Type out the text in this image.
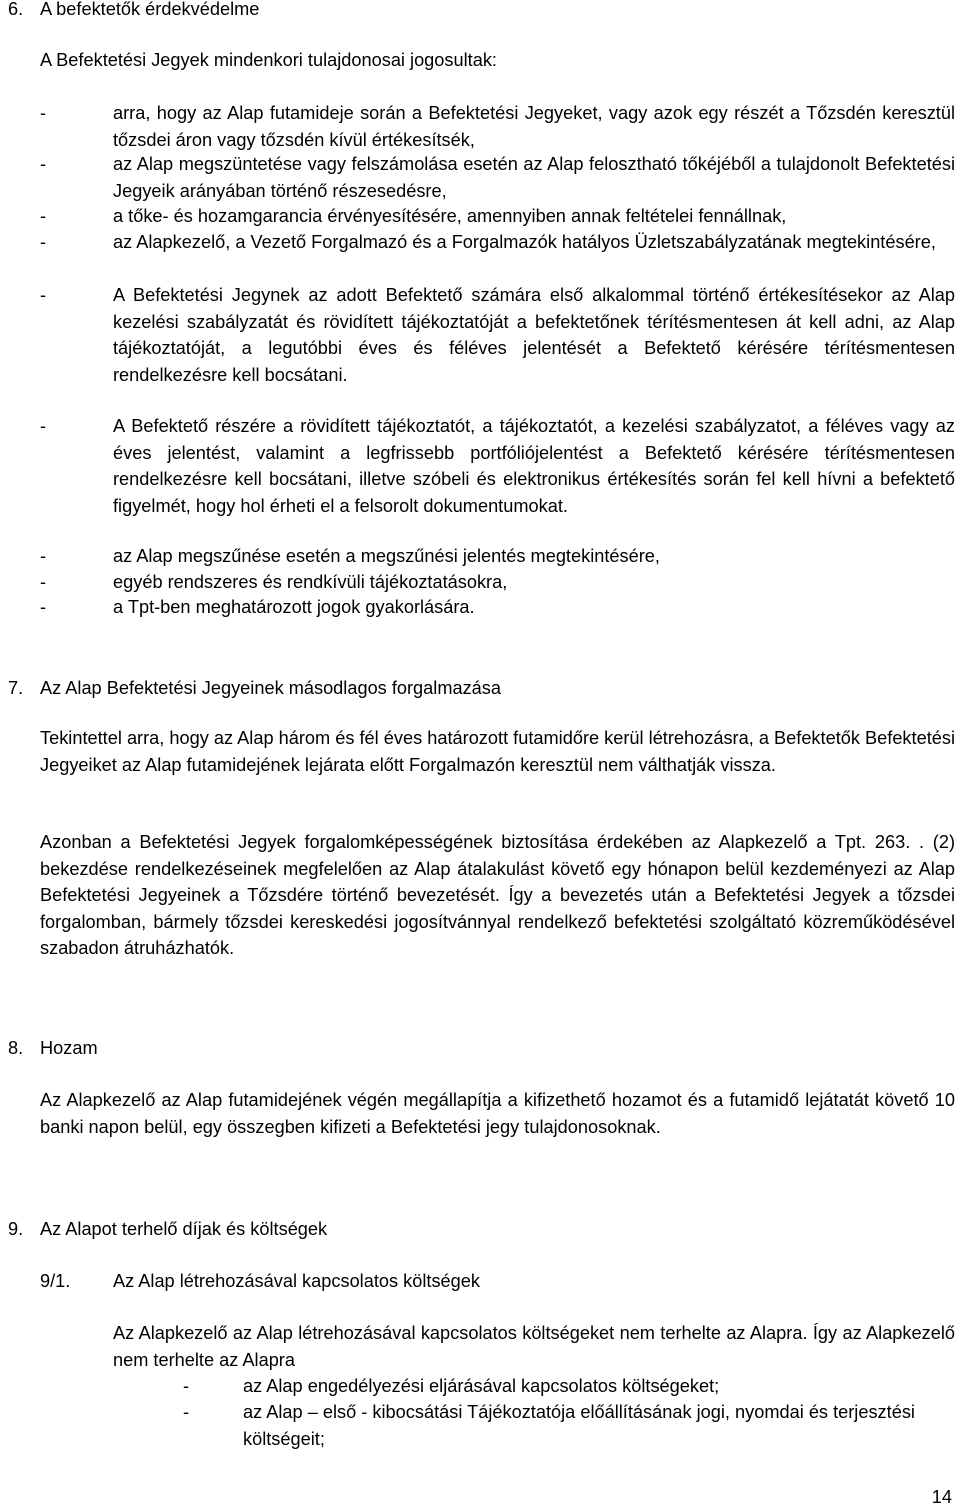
6. A befektetők érdekvédelme
A Befektetési Jegyek mindenkori tulajdonosai jogosultak:
-	arra, hogy az Alap futamideje során a Befektetési Jegyeket, vagy azok egy részét a Tőzsdén keresztül tőzsdei áron vagy tőzsdén kívül értékesítsék,
-	az Alap megszüntetése vagy felszámolása esetén az Alap felosztható tőkéjéből a tulajdonolt Befektetési Jegyeik arányában történő részesedésre,
-	a tőke- és hozamgarancia érvényesítésére, amennyiben annak feltételei fennállnak,
-	az Alapkezelő, a Vezető Forgalmazó és a Forgalmazók hatályos Üzletszabályzatának megtekintésére,
-	A Befektetési Jegynek az adott Befektető számára első alkalommal történő értékesítésekor az Alap kezelési szabályzatát és rövidített tájékoztatóját a befektetőnek térítésmentesen át kell adni, az Alap tájékoztatóját, a legutóbbi éves és féléves jelentését a Befektető kérésére térítésmentesen rendelkezésre kell bocsátani.
-	A Befektető részére a rövidített tájékoztatót, a tájékoztatót, a kezelési szabályzatot, a féléves vagy az éves jelentést, valamint a legfrissebb portfóliójelentést a Befektető kérésére térítésmentesen rendelkezésre kell bocsátani, illetve szóbeli és elektronikus értékesítés során fel kell hívni a befektető figyelmét, hogy hol érheti el a felsorolt dokumentumokat.
-	az Alap megszűnése esetén a megszűnési jelentés megtekintésére,
-	egyéb rendszeres és rendkívüli tájékoztatásokra,
-	a Tpt-ben meghatározott jogok gyakorlására.
7. Az Alap Befektetési Jegyeinek másodlagos forgalmazása
Tekintettel arra, hogy az Alap három és fél éves határozott futamidőre kerül létrehozásra, a Befektetők Befektetési Jegyeiket az Alap futamidejének lejárata előtt Forgalmazón keresztül nem válthatják vissza.
Azonban a Befektetési Jegyek forgalomképességének biztosítása érdekében az Alapkezelő a Tpt. 263. . (2) bekezdése rendelkezéseinek megfelelően az Alap átalakulást követő egy hónapon belül kezdeményezi az Alap Befektetési Jegyeinek a Tőzsdére történő bevezetését. Így a bevezetés után a Befektetési Jegyek a tőzsdei forgalomban, bármely tőzsdei kereskedési jogosítvánnyal rendelkező befektetési szolgáltató közreműködésével szabadon átruházhatók.
8. Hozam
Az Alapkezelő az Alap futamidejének végén megállapítja a kifizethető hozamot és a futamidő lejátatát követő 10 banki napon belül, egy összegben kifizeti a Befektetési jegy tulajdonosoknak.
9. Az Alapot terhelő díjak és költségek
9/1. Az Alap létrehozásával kapcsolatos költségek
Az Alapkezelő az Alap létrehozásával kapcsolatos költségeket nem terhelte az Alapra. Így az Alapkezelő nem terhelte az Alapra
-	az Alap engedélyezési eljárásával kapcsolatos költségeket;
-	az Alap – első - kibocsátási Tájékoztatója előállításának jogi, nyomdai és terjesztési költségeit;
14
